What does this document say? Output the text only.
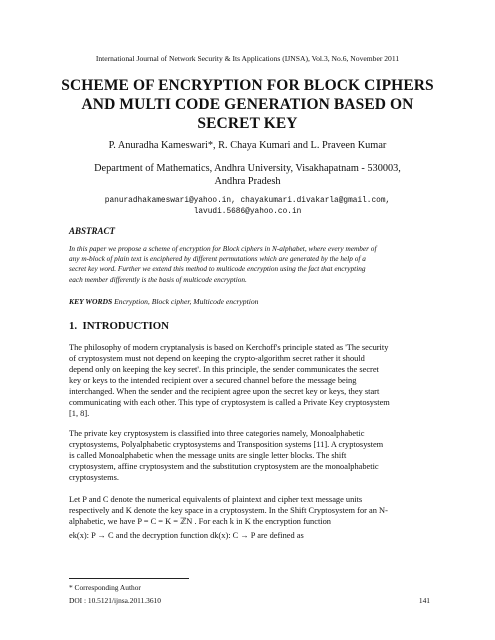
International Journal of Network Security & Its Applications (IJNSA), Vol.3, No.6, November 2011
SCHEME OF ENCRYPTION FOR BLOCK CIPHERS
AND MULTI CODE GENERATION BASED ON
SECRET KEY
P. Anuradha Kameswari*, R. Chaya Kumari and L. Praveen Kumar
Department of Mathematics, Andhra University, Visakhapatnam - 530003,
Andhra Pradesh
panuradhakameswari@yahoo.in, chayakumari.divakarla@gmail.com,
lavudi.5686@yahoo.co.in
ABSTRACT
In this paper we propose a scheme of encryption for Block ciphers in N-alphabet, where every member of
any m-block of plain text is enciphered by different permutations which are generated by the help of a
secret key word. Further we extend this method to multicode encryption using the fact that encrypting
each member differently is the basis of multicode encryption.
KEY WORDS Encryption, Block cipher, Multicode encryption
1. INTRODUCTION
The philosophy of modern cryptanalysis is based on Kerchoff's principle stated as 'The security
of cryptosystem must not depend on keeping the crypto-algorithm secret rather it should
depend only on keeping the key secret'. In this principle, the sender communicates the secret
key or keys to the intended recipient over a secured channel before the message being
interchanged. When the sender and the recipient agree upon the secret key or keys, they start
communicating with each other. This type of cryptosystem is called a Private Key cryptosystem
[1, 8].
The private key cryptosystem is classified into three categories namely, Monoalphabetic
cryptosystems, Polyalphabetic cryptosystems and Transposition systems [11]. A cryptosystem
is called Monoalphabetic when the message units are single letter blocks. The shift
cryptosystem, affine cryptosystem and the substitution cryptosystem are the monoalphabetic
cryptosystems.
Let P and C denote the numerical equivalents of plaintext and cipher text message units
respectively and K denote the key space in a cryptosystem. In the Shift Cryptosystem for an N-
alphabetic, we have P = C = K = ℤN . For each k in K the encryption function
ek(x): P → C and the decryption function dk(x): C → P are defined as
* Corresponding Author
DOI : 10.5121/ijnsa.2011.3610	141
